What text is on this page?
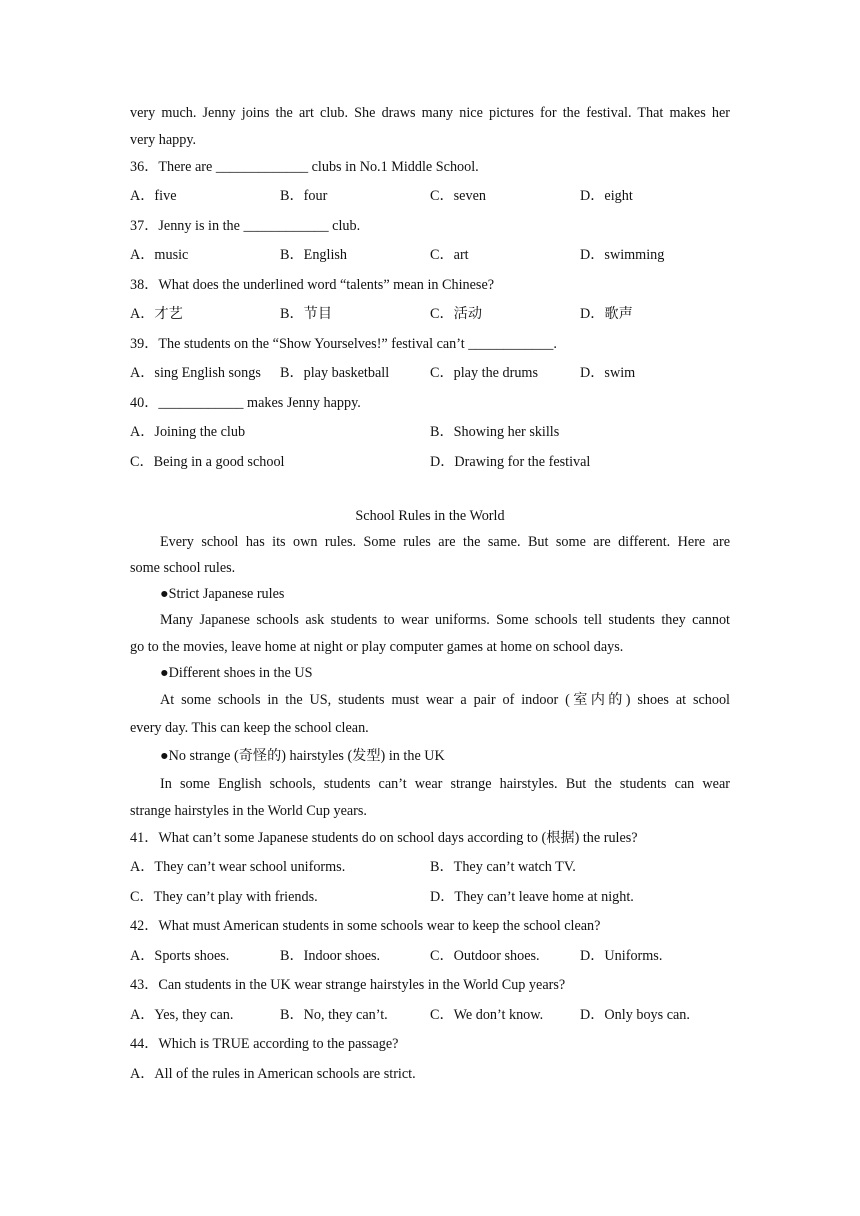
very much. Jenny joins the art club. She draws many nice pictures for the festival. That makes her
very happy.
36．There are _____________ clubs in No.1 Middle School.
A．five	B．four	C．seven	D．eight
37．Jenny is in the ____________ club.
A．music	B．English	C．art	D．swimming
38．What does the underlined word “talents” mean in Chinese?
A．才艺	B．节目	C．活动	D．歌声
39．The students on the “Show Yourselves!” festival can’t ____________.
A．sing English songs	B．play basketball	C．play the drums	D．swim
40．____________ makes Jenny happy.
A．Joining the club	B．Showing her skills
C．Being in a good school	D．Drawing for the festival
School Rules in the World
Every school has its own rules. Some rules are the same. But some are different. Here are
some school rules.
●Strict Japanese rules
Many Japanese schools ask students to wear uniforms. Some schools tell students they cannot
go to the movies, leave home at night or play computer games at home on school days.
●Different shoes in the US
At some schools in the US, students must wear a pair of indoor (室内的) shoes at school
every day. This can keep the school clean.
●No strange (奇怪的) hairstyles (发型) in the UK
In some English schools, students can’t wear strange hairstyles. But the students can wear
strange hairstyles in the World Cup years.
41．What can’t some Japanese students do on school days according to (根据) the rules?
A．They can’t wear school uniforms.	B．They can’t watch TV.
C．They can’t play with friends.	D．They can’t leave home at night.
42．What must American students in some schools wear to keep the school clean?
A．Sports shoes.	B．Indoor shoes.	C．Outdoor shoes.	D．Uniforms.
43．Can students in the UK wear strange hairstyles in the World Cup years?
A．Yes, they can.	B．No, they can’t.	C．We don’t know.	D．Only boys can.
44．Which is TRUE according to the passage?
A．All of the rules in American schools are strict.
